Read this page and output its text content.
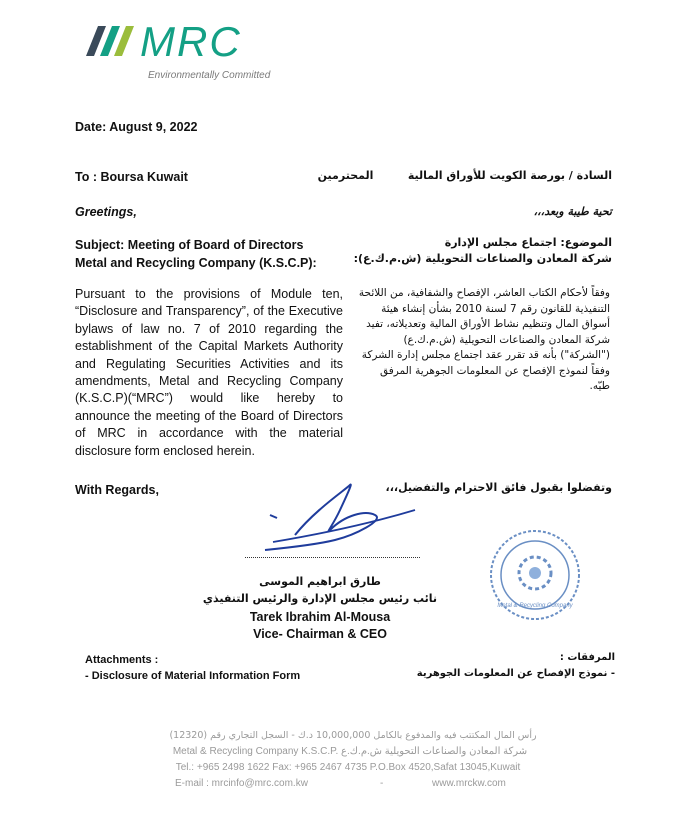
MRC
Environmentally Committed
Date: August 9, 2022
To : Boursa Kuwait	السادة / بورصة الكويت للأوراق المالية         المحترمين
Greetings,	تحية طيبة وبعد،،،
Subject: Meeting of Board of Directors
Metal and Recycling Company (K.S.C.P):
الموضوع: اجتماع مجلس الإدارة
شركة المعادن والصناعات التحويلية (ش.م.ك.ع):
Pursuant to the provisions of Module ten, “Disclosure and Transparency”, of the Executive bylaws of law no. 7 of 2010 regarding the establishment of the Capital Markets Authority and Regulating Securities Activities and its amendments, Metal and Recycling Company (K.S.C.P)(“MRC”) would like hereby to announce the meeting of the Board of Directors of MRC in accordance with the material disclosure form enclosed herein.
وفقاً لأحكام الكتاب العاشر، الإفصاح والشفافية، من اللائحة التنفيذية للقانون رقم 7 لسنة 2010 بشأن إنشاء هيئة أسواق المال وتنظيم نشاط الأوراق المالية وتعديلاته، تفيد شركة المعادن والصناعات التحويلية (ش.م.ك.ع) ("الشركة") بأنه قد تقرر عقد اجتماع مجلس إدارة الشركة وفقاً لنموذج الإفصاح عن المعلومات الجوهرية المرفق طيّه.
With Regards,	وتفضلوا بقبول فائق الاحترام والتفضيل،،،
طارق ابراهيم الموسى
نائب رئيس مجلس الإدارة والرئيس التنفيذي
Tarek Ibrahim Al-Mousa
Vice- Chairman & CEO
Metal & Recycling Company
Attachments :
- Disclosure of Material Information Form
المرفقات :
- نموذج الإفصاح عن المعلومات الجوهرية
رأس المال المكتتب فيه والمدفوع بالكامل 10,000,000 د.ك - السجل التجاري رقم (12320)
Metal & Recycling Company K.S.C.P. شركة المعادن والصناعات التحويلية ش.م.ك.ع
Tel.: +965 2498 1622 Fax: +965 2467 4735 P.O.Box 4520,Safat 13045,Kuwait
E-mail : mrcinfo@mrc.com.kw	-	www.mrckw.com
